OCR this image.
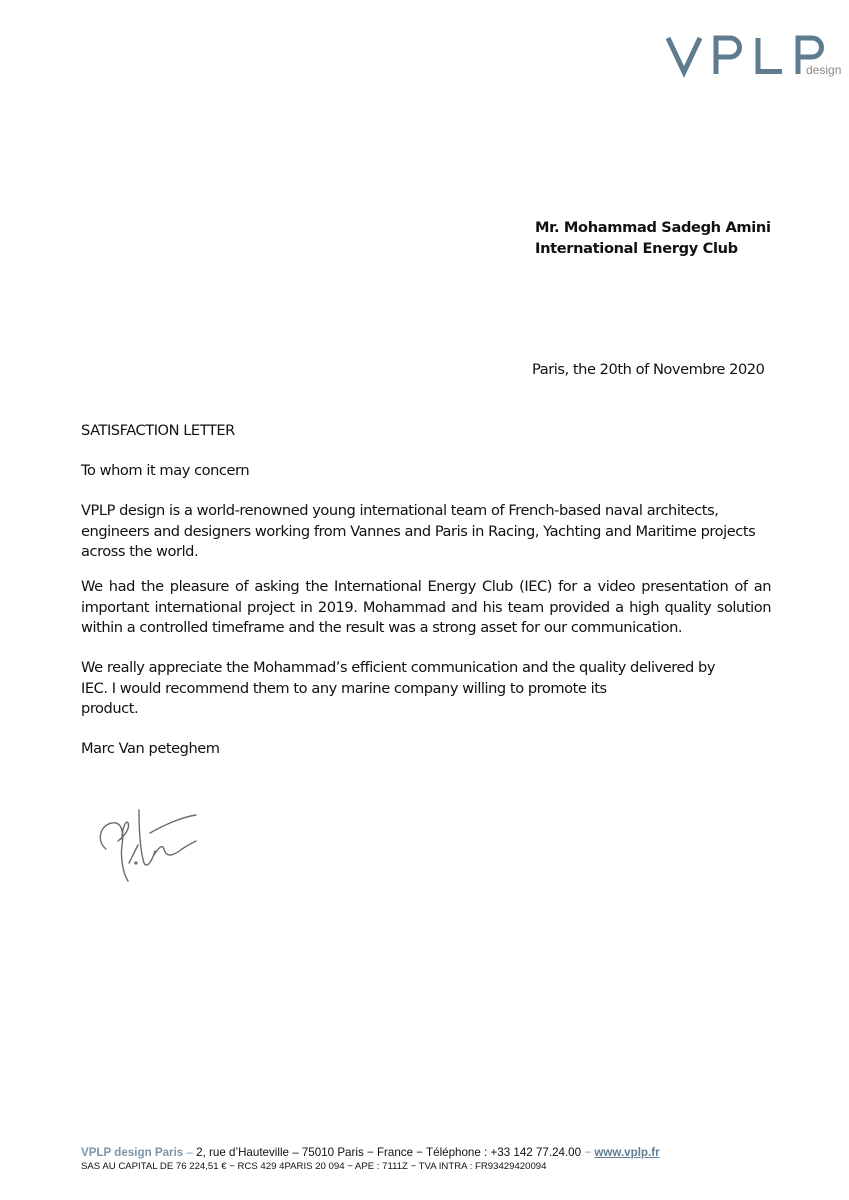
design
Mr. Mohammad Sadegh Amini
International Energy Club
Paris, the 20th of Novembre 2020
SATISFACTION LETTER
To whom it may concern
VPLP design is a world-renowned young international team of French-based naval architects,
engineers and designers working from Vannes and Paris in Racing, Yachting and Maritime projects
across the world.
We had the pleasure of asking the International Energy Club (IEC) for a video presentation of an
important international project in 2019. Mohammad and his team provided a high quality solution
within a controlled timeframe and the result was a strong asset for our communication.
We really appreciate the Mohammad’s efficient communication and the quality delivered by
IEC. I would recommend them to any marine company willing to promote its
product.
Marc Van peteghem
VPLP design Paris – 2, rue d’Hauteville – 75010 Paris − France − Téléphone : +33 142 77.24.00 − www.vplp.fr
SAS AU CAPITAL DE 76 224,51 € − RCS 429 4PARIS 20 094 − APE : 7111Z − TVA INTRA : FR93429420094
